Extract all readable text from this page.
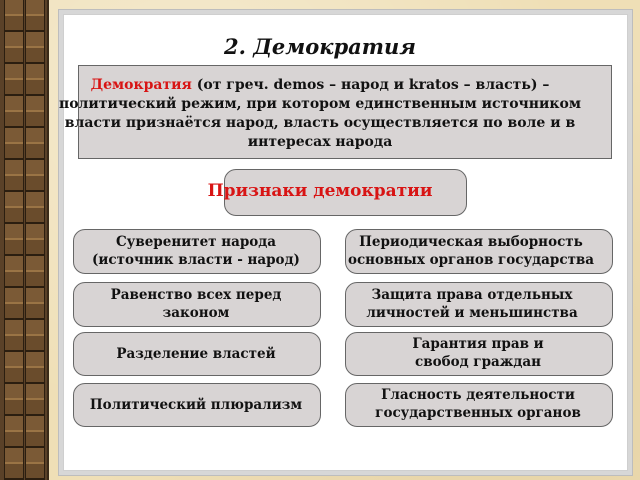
2. Демократия
Демократия (от греч. demos – народ и kratos – власть) –
политический режим, при котором единственным источником
власти признаётся народ, власть осуществляется по воле и в
интересах народа
Признаки демократии
Суверенитет народа
(источник власти - народ)
Равенство всех перед
законом
Разделение властей
Политический плюрализм
Периодическая выборность
основных органов государства
Защита права отдельных
личностей и меньшинства
Гарантия прав и
свобод граждан
Гласность деятельности
государственных органов
